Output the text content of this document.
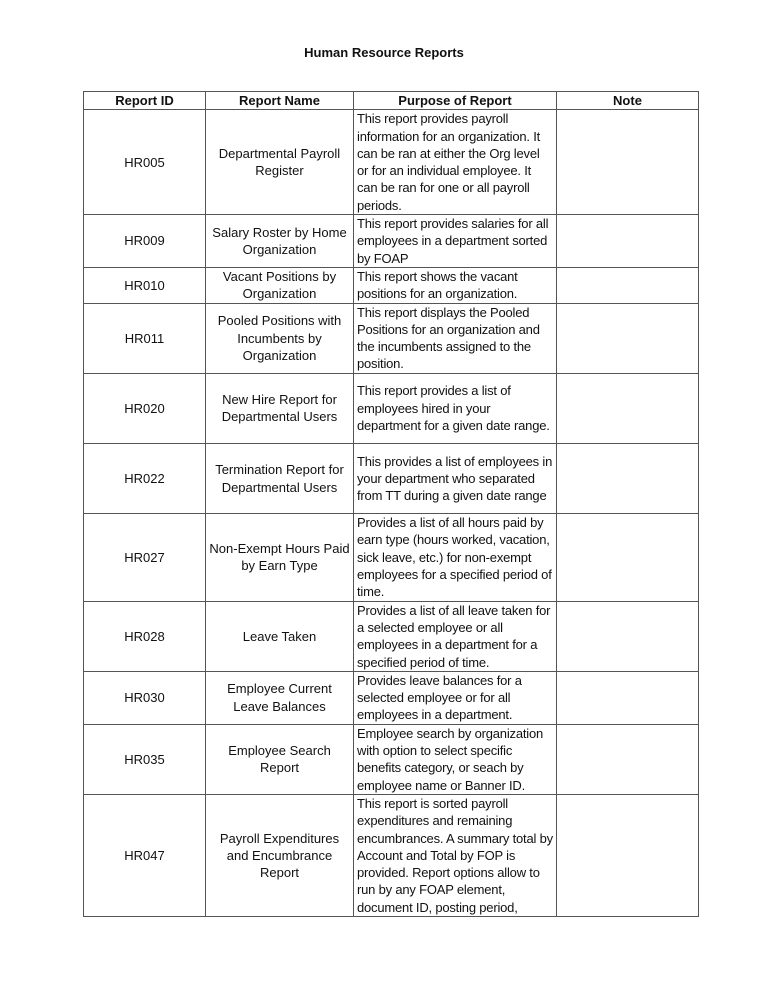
Human Resource Reports
Report ID	Report Name	Purpose of Report	Note
HR005	Departmental Payroll Register	This report provides payroll information for an organization. It can be ran at either the Org level or for an individual employee. It can be ran for one or all payroll periods.	
HR009	Salary Roster by Home Organization	This report provides salaries for all employees in a department sorted by FOAP	
HR010	Vacant Positions by Organization	This report shows the vacant positions for an organization.	
HR011	Pooled Positions with Incumbents by Organization	This report displays the Pooled Positions for an organization and the incumbents assigned to the position.	
HR020	New Hire Report for Departmental Users	This report provides a list of employees hired in your department for a given date range.	
HR022	Termination Report for Departmental Users	This provides a list of employees in your department who separated from TT during a given date range	
HR027	Non-Exempt Hours Paid by Earn Type	Provides a list of all hours paid by earn type (hours worked, vacation, sick leave, etc.) for non-exempt employees for a specified period of time.	
HR028	Leave Taken	Provides a list of all leave taken for a selected employee or all employees in a department for a specified period of time.	
HR030	Employee Current Leave Balances	Provides leave balances for a selected employee or for all employees in a department.	
HR035	Employee Search Report	Employee search by organization with option to select specific benefits category, or seach by employee name or Banner ID.	
HR047	Payroll Expenditures and Encumbrance Report	This report is sorted payroll expenditures and remaining encumbrances. A summary total by Account and Total by FOP is provided. Report options allow to run by any FOAP element, document ID, posting period,	
